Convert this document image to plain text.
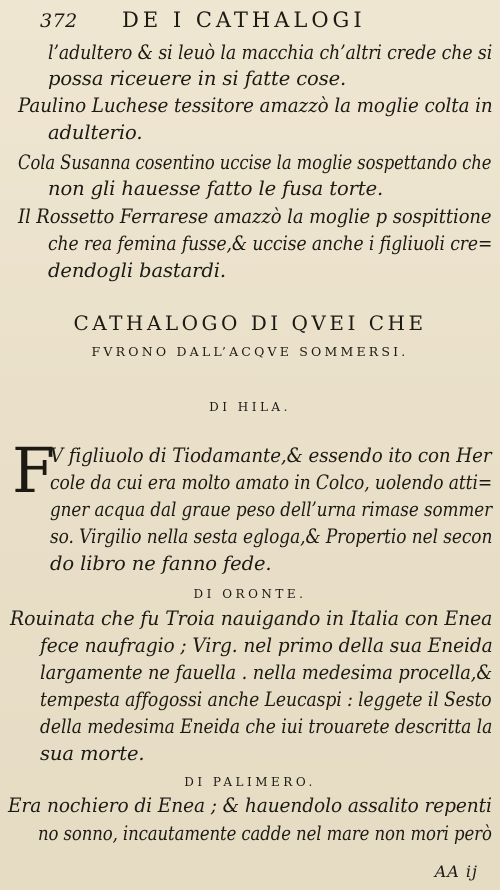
372 DE I CATHALOGI
l’adultero & si leuò la macchia ch’altri crede che si
possa riceuere in si fatte cose.
Paulino Luchese tessitore amazzò la moglie colta in
adulterio.
Cola Susanna cosentino uccise la moglie sospettando che
non gli hauesse fatto le fusa torte.
Il Rossetto Ferrarese amazzò la moglie p sospittione
che rea femina fusse,& uccise anche i figliuoli cre=
dendogli bastardi.
CATHALOGO DI QVEI CHE
FVRONO DALL’ACQVE SOMMERSI.
DI HILA.
F
V figliuolo di Tiodamante,& essendo ito con Her
cole da cui era molto amato in Colco, uolendo atti=
gner acqua dal graue peso dell’urna rimase sommer
so. Virgilio nella sesta egloga,& Propertio nel secon
do libro ne fanno fede.
DI ORONTE.
Rouinata che fu Troia nauigando in Italia con Enea
fece naufragio ; Virg. nel primo della sua Eneida
largamente ne fauella . nella medesima procella,&
tempesta affogossi anche Leucaspi : leggete il Sesto
della medesima Eneida che iui trouarete descritta la
sua morte.
DI PALIMERO.
Era nochiero di Enea ; & hauendolo assalito repenti
no sonno, incautamente cadde nel mare non mori però
AA ij
